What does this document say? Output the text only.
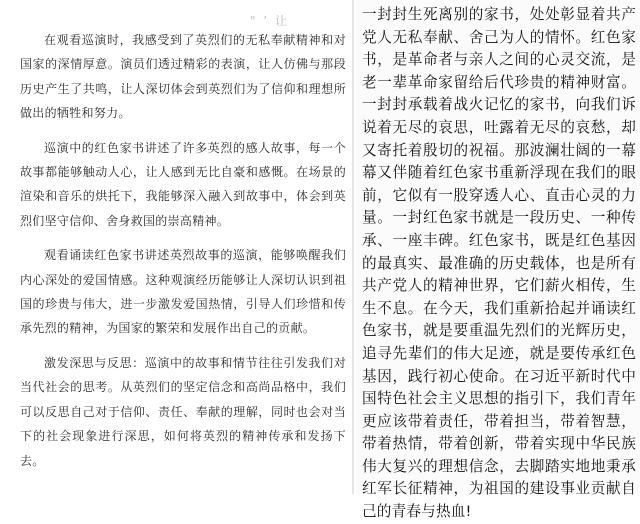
" ’ 让

在观看巡演时，我感受到了英烈们的无私奉献精神和对国家的深情厚意。演员们透过精彩的表演，让人仿佛与那段历史产生了共鸣，让人深切体会到英烈们为了信仰和理想所做出的牺牲和努力。

巡演中的红色家书讲述了许多英烈的感人故事，每一个故事都能够触动人心，让人感到无比自豪和感慨。在场景的渲染和音乐的烘托下，我能够深入融入到故事中，体会到英烈们坚守信仰、舍身救国的崇高精神。

观看诵读红色家书讲述英烈故事的巡演，能够唤醒我们内心深处的爱国情感。这种观演经历能够让人深切认识到祖国的珍贵与伟大，进一步激发爱国热情，引导人们珍惜和传承先烈的精神，为国家的繁荣和发展作出自己的贡献。

激发深思与反思：巡演中的故事和情节往往引发我们对当代社会的思考。从英烈们的坚定信念和高尚品格中，我们可以反思自己对于信仰、责任、奉献的理解，同时也会对当下的社会现象进行深思，如何将英烈的精神传承和发扬下去。

一封封生死离别的家书，处处彰显着共产党人无私奉献、舍己为人的情怀。红色家书，是革命者与亲人之间的心灵交流，是老一辈革命家留给后代珍贵的精神财富。一封封承载着战火记忆的家书，向我们诉说着无尽的哀思，吐露着无尽的哀愁，却又寄托着殷切的祝福。那波澜壮阔的一幕幕又伴随着红色家书重新浮现在我们的眼前，它似有一股穿透人心、直击心灵的力量。一封红色家书就是一段历史、一种传承、一座丰碑。红色家书，既是红色基因的最真实、最准确的历史载体，也是所有共产党人的精神世界，它们薪火相传，生生不息。在今天，我们重新拾起并诵读红色家书，就是要重温先烈们的光辉历史，追寻先辈们的伟大足迹，就是要传承红色基因，践行初心使命。在习近平新时代中国特色社会主义思想的指引下，我们青年更应该带着责任，带着担当，带着智慧，带着热情，带着创新，带着实现中华民族伟大复兴的理想信念，去脚踏实地地秉承红军长征精神，为祖国的建设事业贡献自己的青春与热血!
